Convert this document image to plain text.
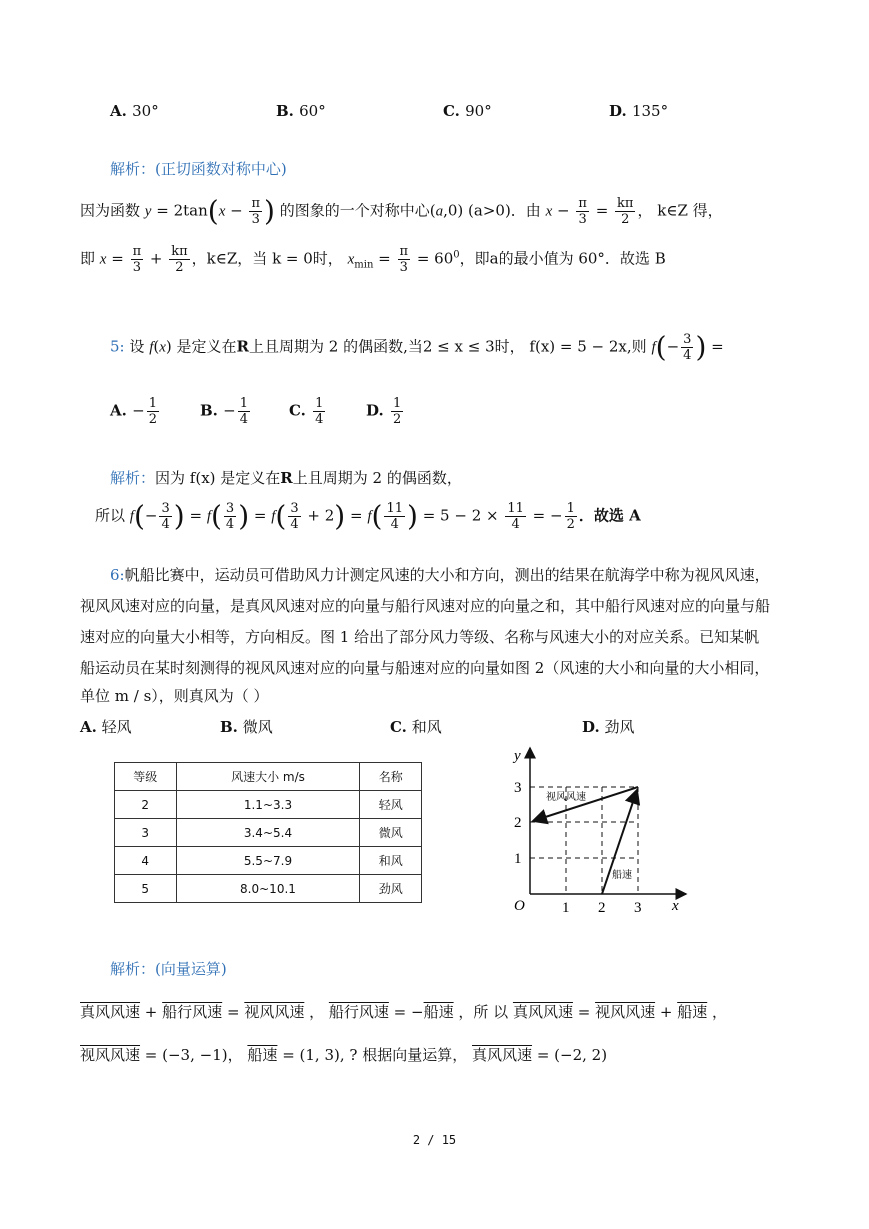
A. 30°	B. 60°	C. 90°	D. 135°
解析：(正切函数对称中心)
因为函数 $y = 2\tan(x - \frac{\pi}{3}$ ) 的图象的一个对称中心(a,0) (a>0)．由 $x - \frac{\pi}{3} = \frac{k\pi}{2}$ ， k∈Z 得，
即 $x = \frac{\pi}{3} + \frac{k\pi}{2}$ ，k∈Z，当 k = 0时， $x_{min} = \frac{\pi}{3} = 60^0$，即a的最小值为 60°．故选 B
5: 设 f(x) 是定义在R上且周期为 2 的偶函数,当2 ≤ x ≤ 3时， f(x) = 5 − 2x,则 $f(- \frac{3}{4}$ ) =
A. − $\frac{1}{2}$	B. − $\frac{1}{4}$	C. $\frac{1}{4}$	D. $\frac{1}{2}$
解析：因为 f(x) 是定义在R上且周期为 2 的偶函数，
所以 $f(- \frac{3}{4}$ ) = $f( \frac{3}{4}$ ) = $f( \frac{3}{4} + 2) = f( \frac{11}{4}$ ) = $5 - 2 \times \frac{11}{4}$ = − $\frac{1}{2}$ ．故选 A
6:帆船比赛中，运动员可借助风力计测定风速的大小和方向，测出的结果在航海学中称为视风风速，
视风风速对应的向量，是真风风速对应的向量与船行风速对应的向量之和，其中船行风速对应的向量与船
速对应的向量大小相等，方向相反。图 1 给出了部分风力等级、名称与风速大小的对应关系。已知某帆
船运动员在某时刻测得的视风风速对应的向量与船速对应的向量如图 2（风速的大小和向量的大小相同，
单位 m / s），则真风为（ ）
A. 轻风	B. 微风	C. 和风	D. 劲风
等级	风速大小 m/s	名称
2	1.1~3.3	轻风
3	3.4~5.4	微风
4	5.5~7.9	和风
5	8.0~10.1	劲风
视风风速
船速
O	x
y
1 2 3
1
2
3
解析：(向量运算)
真风风速 + 船行风速 = 视风风速 ， 船行风速 = −船速 ，所 以 真风风速 = 视风风速 + 船速 ，
视风风速 = (−3, −1)， 船速 = (1, 3), ? 根据向量运算， 真风风速 = (−2, 2)
2 / 15
